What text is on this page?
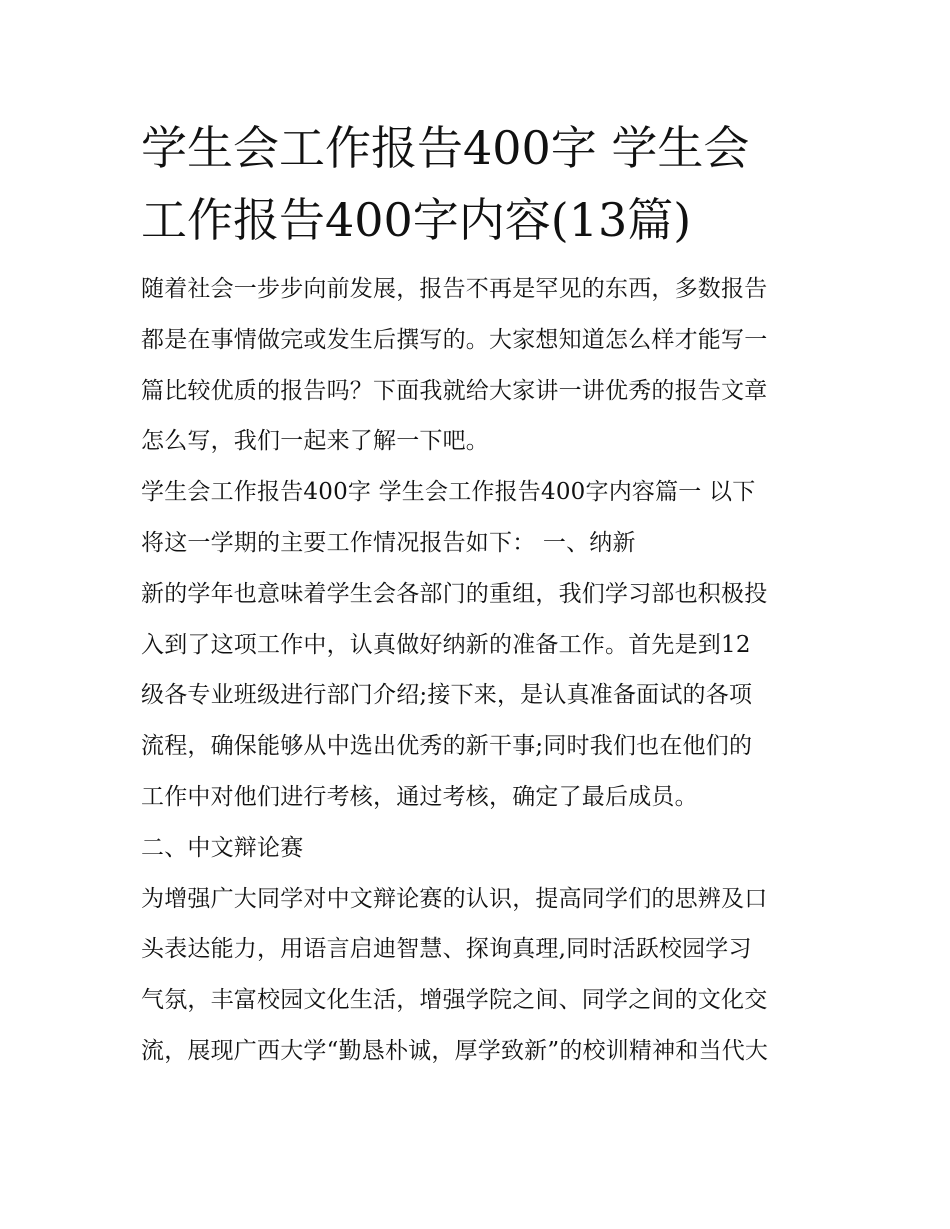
学生会工作报告400字 学生会
工作报告400字内容(13篇)

随着社会一步步向前发展，报告不再是罕见的东西，多数报告
都是在事情做完或发生后撰写的。大家想知道怎么样才能写一
篇比较优质的报告吗？下面我就给大家讲一讲优秀的报告文章
怎么写，我们一起来了解一下吧。

学生会工作报告400字 学生会工作报告400字内容篇一 以下
将这一学期的主要工作情况报告如下： 一、纳新

新的学年也意味着学生会各部门的重组，我们学习部也积极投
入到了这项工作中，认真做好纳新的准备工作。首先是到12
级各专业班级进行部门介绍;接下来，是认真准备面试的各项
流程，确保能够从中选出优秀的新干事;同时我们也在他们的
工作中对他们进行考核，通过考核，确定了最后成员。

二、中文辩论赛

为增强广大同学对中文辩论赛的认识，提高同学们的思辨及口
头表达能力，用语言启迪智慧、探询真理,同时活跃校园学习
气氛，丰富校园文化生活，增强学院之间、同学之间的文化交
流，展现广西大学“勤恳朴诚，厚学致新”的校训精神和当代大
